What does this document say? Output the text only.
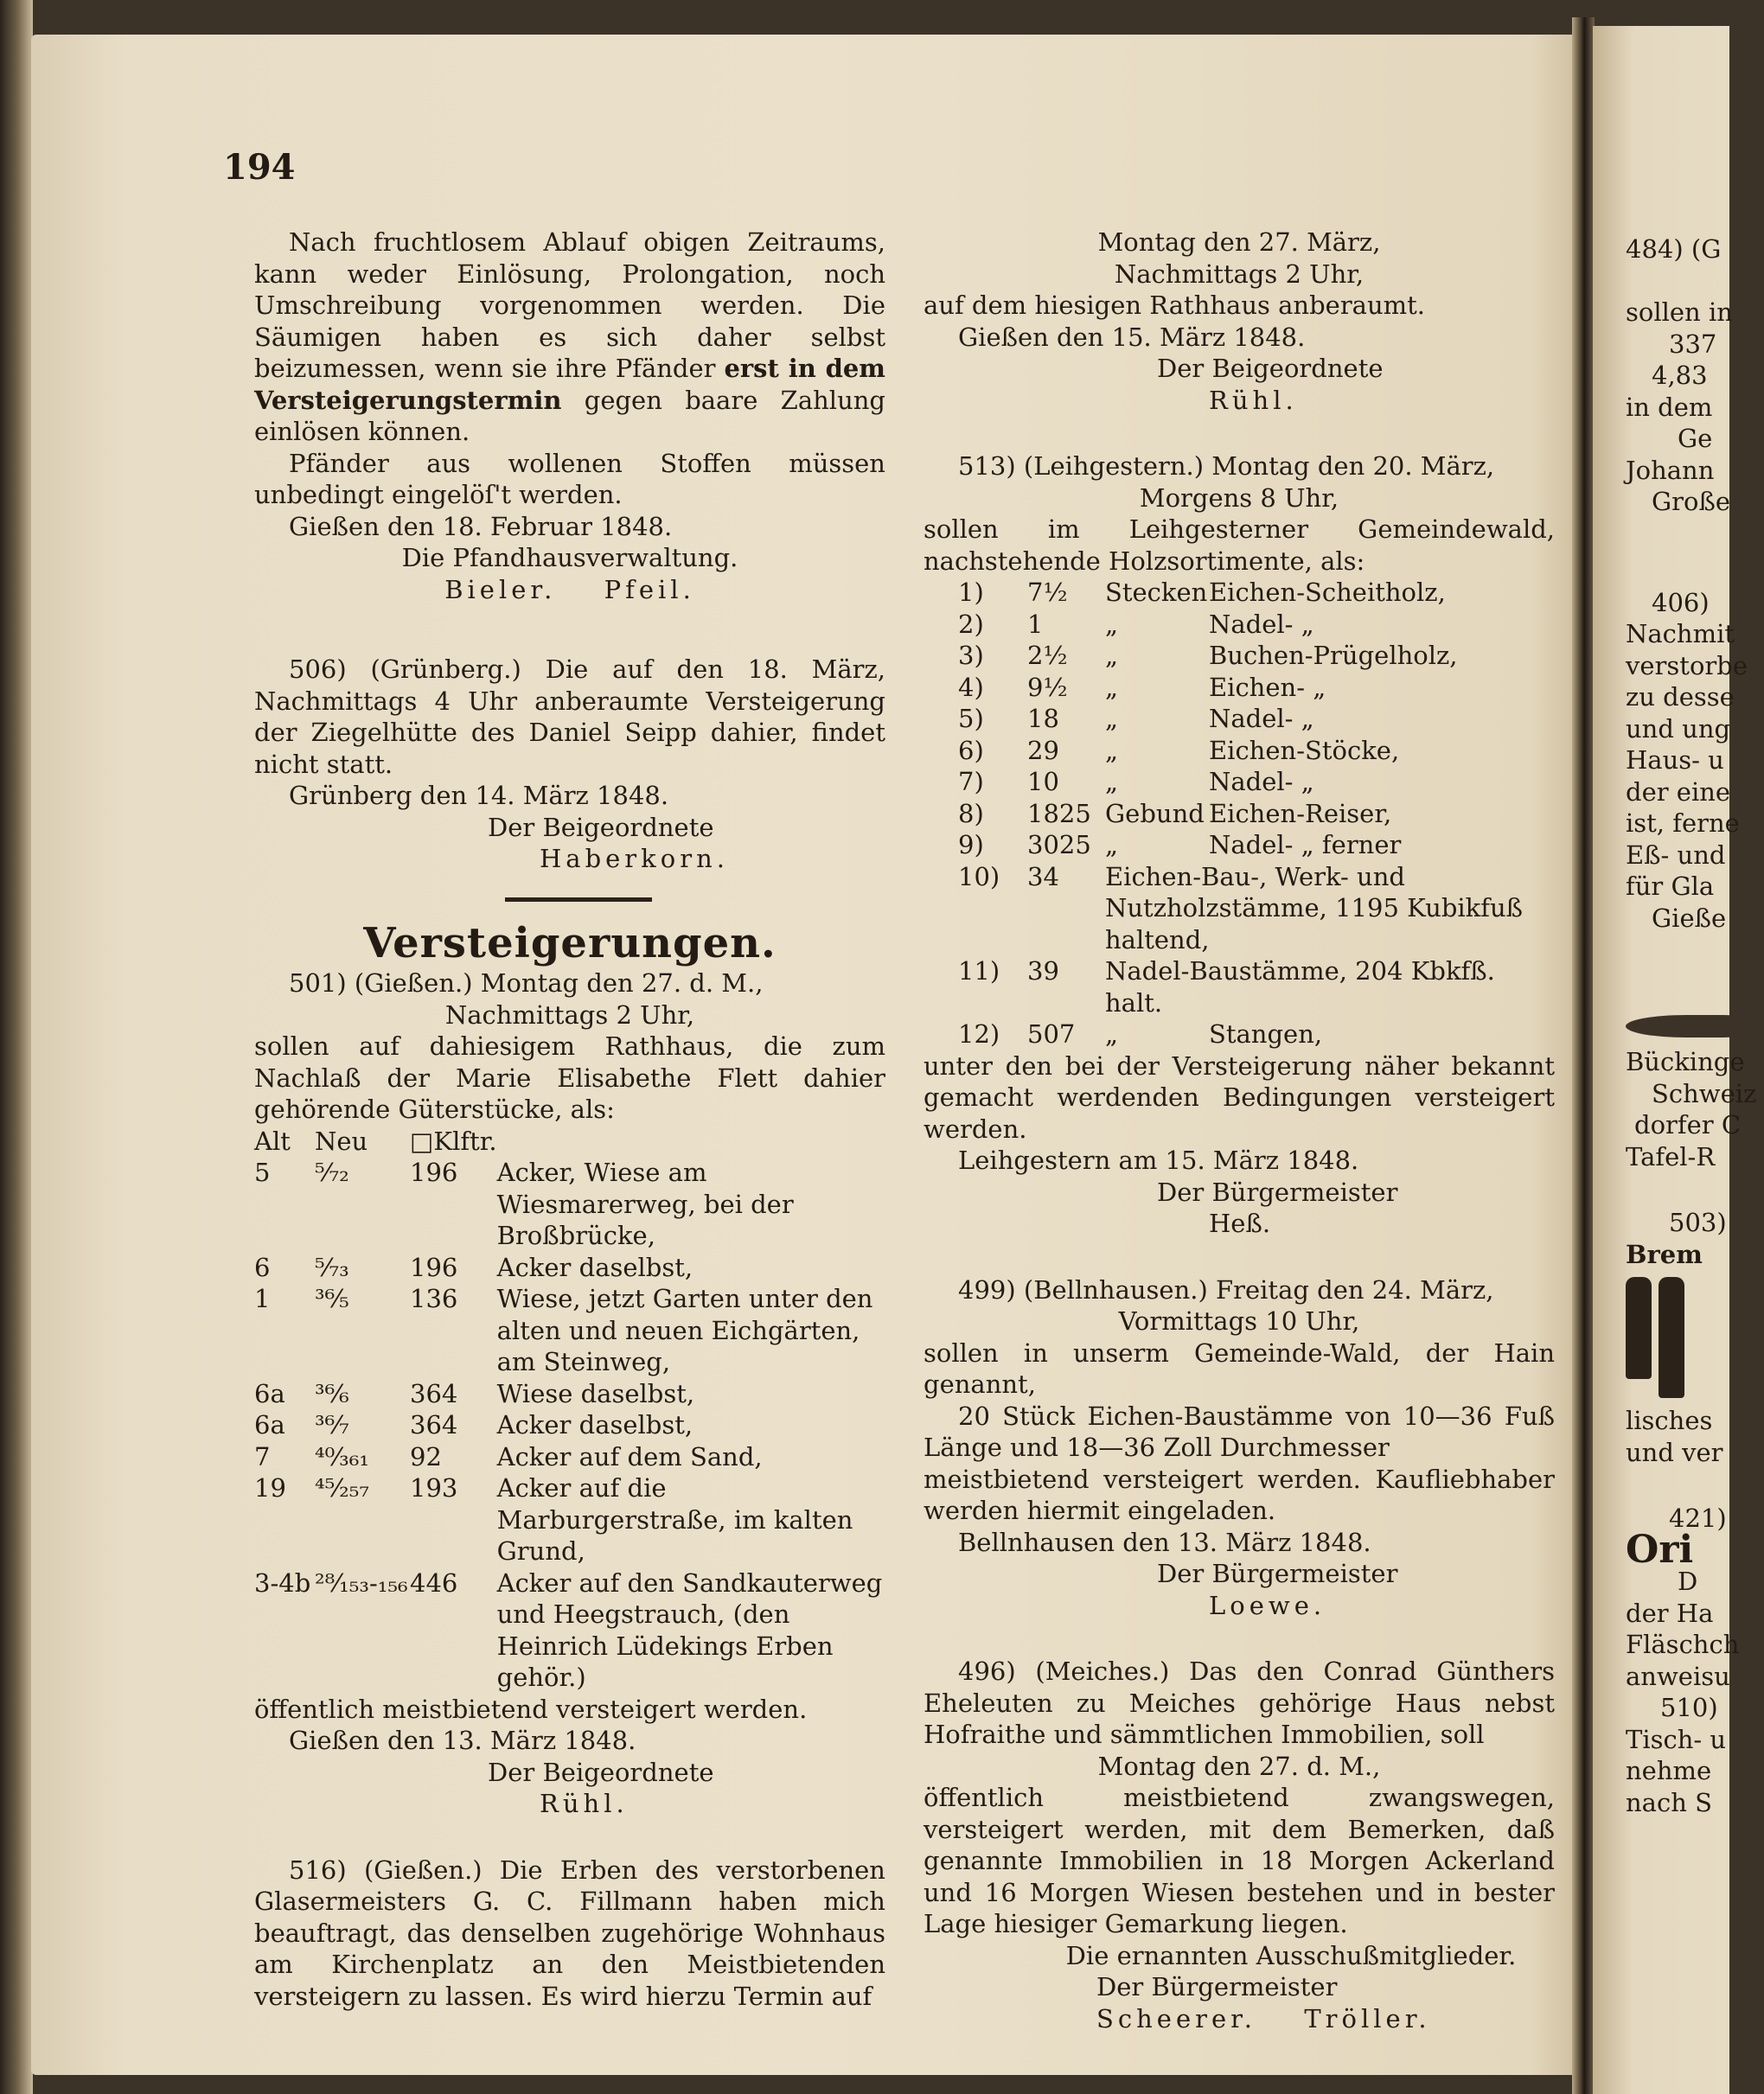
194

Nach fruchtlosem Ablauf obigen Zeitraums, kann weder Einlösung, Prolongation, noch Umschreibung vorgenommen werden. Die Säumigen haben es sich daher selbst beizumessen, wenn sie ihre Pfänder erst in dem Versteigerungstermin gegen baare Zahlung einlösen können.

Pfänder aus wollenen Stoffen müssen unbedingt eingelöſ't werden.

Gießen den 18. Februar 1848.

Die Pfandhausverwaltung.

Bieler. Pfeil.

506) (Grünberg.) Die auf den 18. März, Nachmittags 4 Uhr anberaumte Versteigerung der Ziegelhütte des Daniel Seipp dahier, findet nicht statt.

Grünberg den 14. März 1848.

Der Beigeordnete

Haberkorn.

Versteigerungen.

501) (Gießen.) Montag den 27. d. M.,

Nachmittags 2 Uhr,

sollen auf dahiesigem Rathhaus, die zum Nachlaß der Marie Elisabethe Flett dahier gehörende Güterstücke, als:

Alt	Neu	□Klftr.	
5	⁵⁄₇₂	196	Acker, Wiese am Wiesmarerweg, bei der Broßbrücke,
6	⁵⁄₇₃	196	Acker daselbst,
1	³⁶⁄₅	136	Wiese, jetzt Garten unter den alten und neuen Eichgärten, am Steinweg,
6a	³⁶⁄₆	364	Wiese daselbst,
6a	³⁶⁄₇	364	Acker daselbst,
7	⁴⁰⁄₃₆₁	92	Acker auf dem Sand,
19	⁴⁵⁄₂₅₇	193	Acker auf die Marburgerstraße, im kalten Grund,
3-4b	²⁸⁄₁₅₃-₁₅₆	446	Acker auf den Sandkauterweg und Heegstrauch, (den Heinrich Lüdekings Erben gehör.)

öffentlich meistbietend versteigert werden.

Gießen den 13. März 1848.

Der Beigeordnete

Rühl.

516) (Gießen.) Die Erben des verstorbenen Glasermeisters G. C. Fillmann haben mich beauftragt, das denselben zugehörige Wohnhaus am Kirchenplatz an den Meistbietenden versteigern zu lassen. Es wird hierzu Termin auf

Montag den 27. März,

Nachmittags 2 Uhr,

auf dem hiesigen Rathhaus anberaumt.

Gießen den 15. März 1848.

Der Beigeordnete

Rühl.

513) (Leihgestern.) Montag den 20. März,

Morgens 8 Uhr,

sollen im Leihgesterner Gemeindewald, nachstehende Holzsortimente, als:

1)	7½	Stecken	Eichen-Scheitholz,
2)	1	„	Nadel- „
3)	2½	„	Buchen-Prügelholz,
4)	9½	„	Eichen- „
5)	18	„	Nadel- „
6)	29	„	Eichen-Stöcke,
7)	10	„	Nadel- „
8)	1825	Gebund	Eichen-Reiser,
9)	3025	„	Nadel- „ ferner
10)	34	Eichen-Bau-, Werk- und Nutzholzstämme, 1195 Kubikfuß haltend,	
11)	39	Nadel-Baustämme, 204 Kbkfß. halt.	
12)	507	„	Stangen,

unter den bei der Versteigerung näher bekannt gemacht werdenden Bedingungen versteigert werden.

Leihgestern am 15. März 1848.

Der Bürgermeister

Heß.

499) (Bellnhausen.) Freitag den 24. März,

Vormittags 10 Uhr,

sollen in unserm Gemeinde-Wald, der Hain genannt,

20 Stück Eichen-Baustämme von 10—36 Fuß Länge und 18—36 Zoll Durchmesser

meistbietend versteigert werden. Kaufliebhaber werden hiermit eingeladen.

Bellnhausen den 13. März 1848.

Der Bürgermeister

Loewe.

496) (Meiches.) Das den Conrad Günthers Eheleuten zu Meiches gehörige Haus nebst Hofraithe und sämmtlichen Immobilien, soll

Montag den 27. d. M.,

öffentlich meistbietend zwangswegen, versteigert werden, mit dem Bemerken, daß genannte Immobilien in 18 Morgen Ackerland und 16 Morgen Wiesen bestehen und in bester Lage hiesiger Gemarkung liegen.

Die ernannten Ausschußmitglieder.

Der Bürgermeister

Scheerer. Tröller.

484) (G

sollen in

337

4,83

in dem

Ge

Johann

Große

406)

Nachmit

verstorbe

zu desse

und ung

Haus- u

der eine

ist, ferne

Eß- und

für Gla

Gieße

Bückinge

Schweiz

dorfer C

Tafel-R

503)

Brem

lisches

und ver

421)

Ori

D

der Ha

Fläschch

anweisu

510)

Tisch- u

nehme

nach S
